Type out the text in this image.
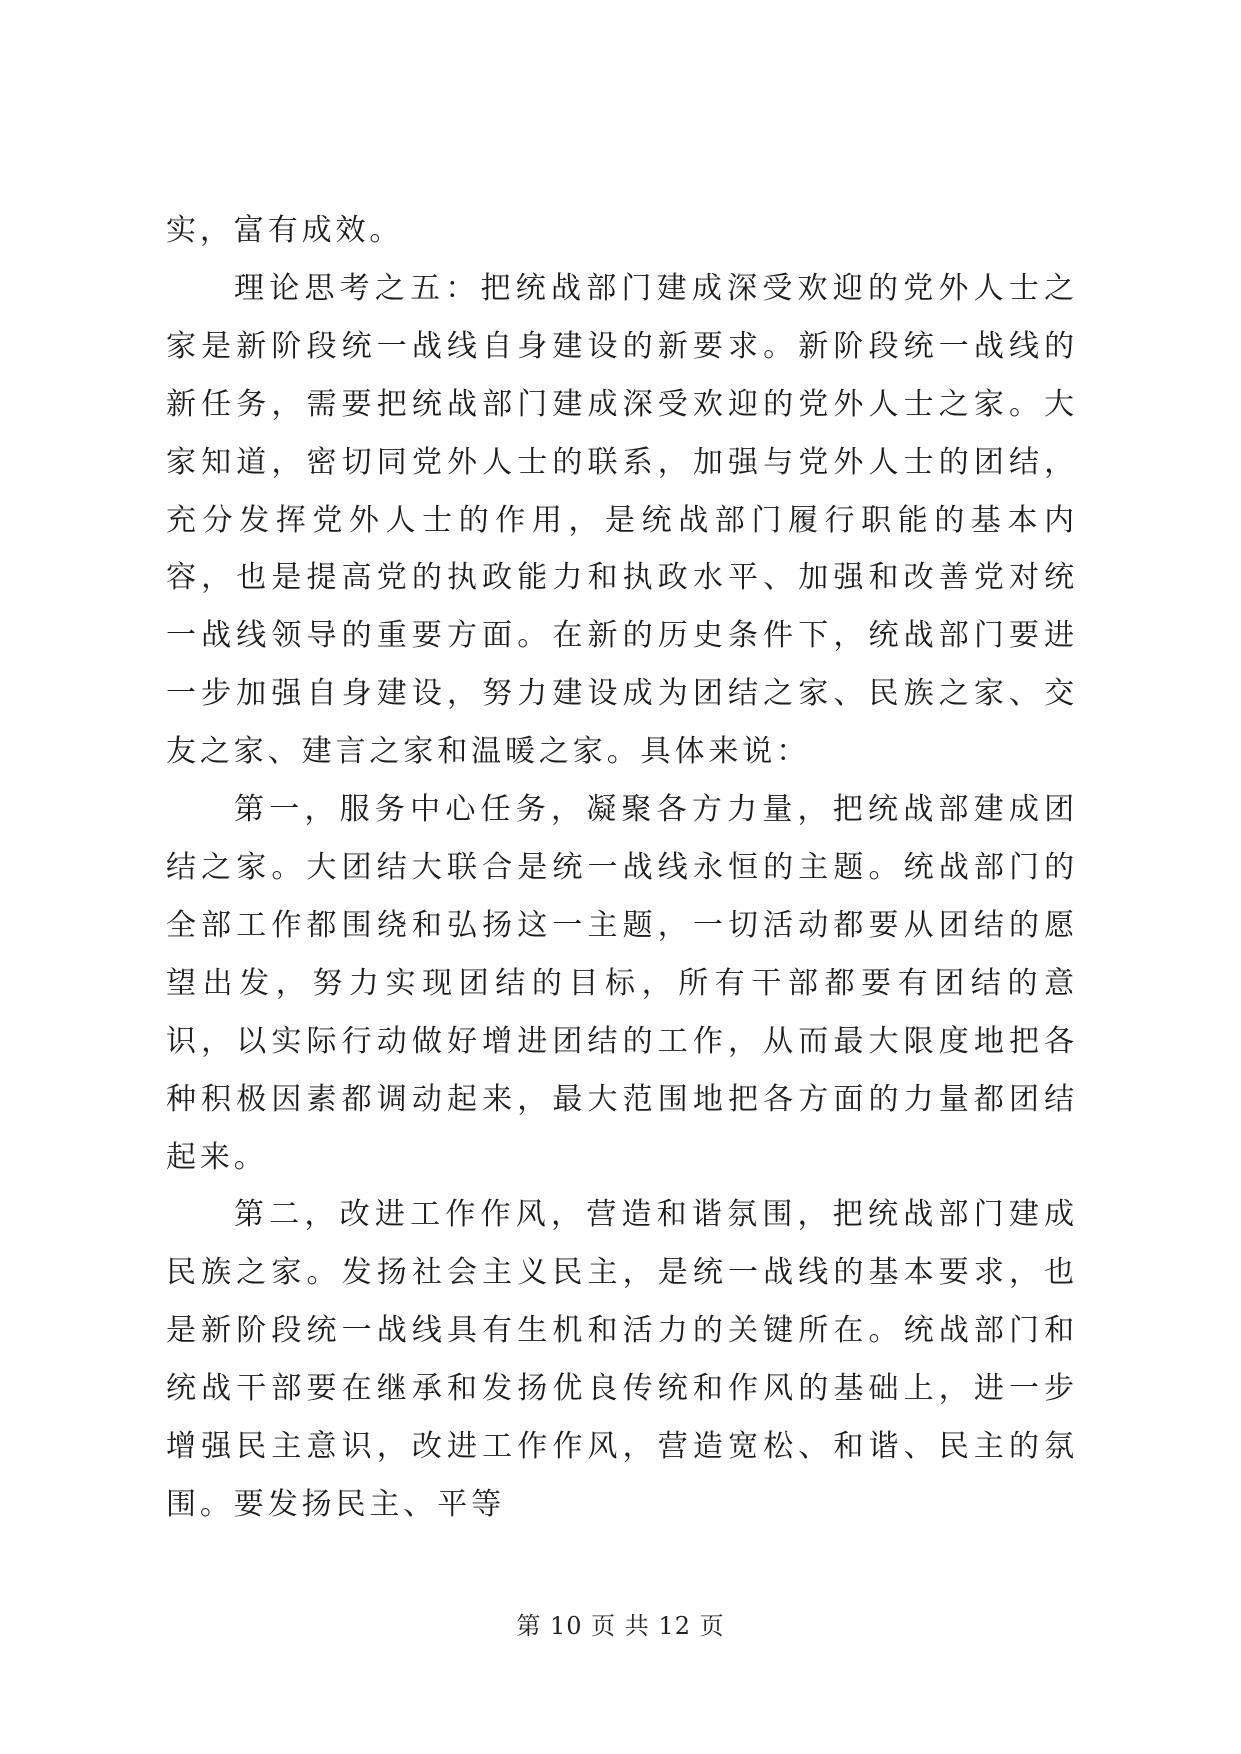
实，富有成效。

理论思考之五：把统战部门建成深受欢迎的党外人士之家是新阶段统一战线自身建设的新要求。新阶段统一战线的新任务，需要把统战部门建成深受欢迎的党外人士之家。大家知道，密切同党外人士的联系，加强与党外人士的团结，充分发挥党外人士的作用，是统战部门履行职能的基本内容，也是提高党的执政能力和执政水平、加强和改善党对统一战线领导的重要方面。在新的历史条件下，统战部门要进一步加强自身建设，努力建设成为团结之家、民族之家、交友之家、建言之家和温暖之家。具体来说：

第一，服务中心任务，凝聚各方力量，把统战部建成团结之家。大团结大联合是统一战线永恒的主题。统战部门的全部工作都围绕和弘扬这一主题，一切活动都要从团结的愿望出发，努力实现团结的目标，所有干部都要有团结的意识，以实际行动做好增进团结的工作，从而最大限度地把各种积极因素都调动起来，最大范围地把各方面的力量都团结起来。

第二，改进工作作风，营造和谐氛围，把统战部门建成民族之家。发扬社会主义民主，是统一战线的基本要求，也是新阶段统一战线具有生机和活力的关键所在。统战部门和统战干部要在继承和发扬优良传统和作风的基础上，进一步增强民主意识，改进工作作风，营造宽松、和谐、民主的氛围。要发扬民主、平等

第 10 页 共 12 页
